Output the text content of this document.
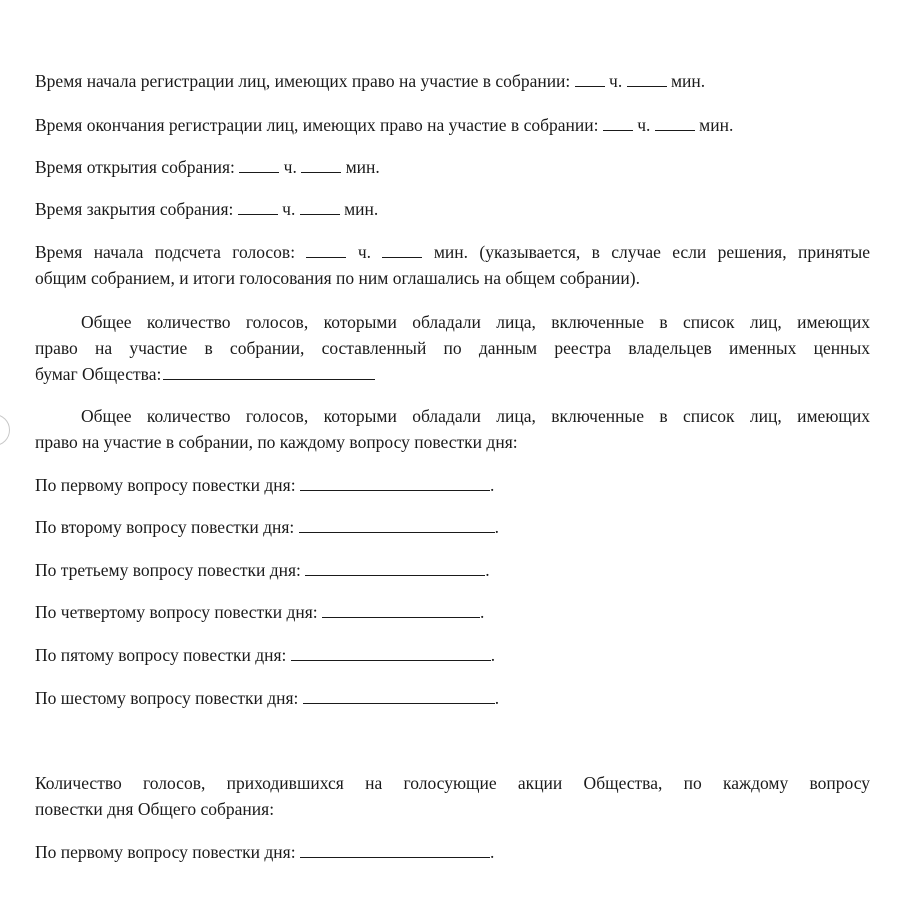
Время начала регистрации лиц, имеющих право на участие в собрании: ч.	мин.
Время окончания регистрации лиц, имеющих право на участие в собрании: ч.	мин.
Время открытия собрания:	ч.	мин.
Время закрытия собрания:	ч.	мин.
Время начала подсчета голосов:	ч.	мин. (указывается, в случае если решения, принятые
общим собранием, и итоги голосования по ним оглашались на общем собрании).
Общее количество голосов, которыми обладали лица, включенные в список лиц, имеющих
право на участие в собрании, составленный по данным реестра владельцев именных ценных
бумаг Общества:
Общее количество голосов, которыми обладали лица, включенные в список лиц, имеющих
право на участие в собрании, по каждому вопросу повестки дня:
По первому вопросу повестки дня:	.
По второму вопросу повестки дня:	.
По третьему вопросу повестки дня:	.
По четвертому вопросу повестки дня:	.
По пятому вопросу повестки дня:	.
По шестому вопросу повестки дня:	.
Количество голосов, приходившихся на голосующие акции Общества, по каждому вопросу
повестки дня Общего собрания:
По первому вопросу повестки дня:	.
